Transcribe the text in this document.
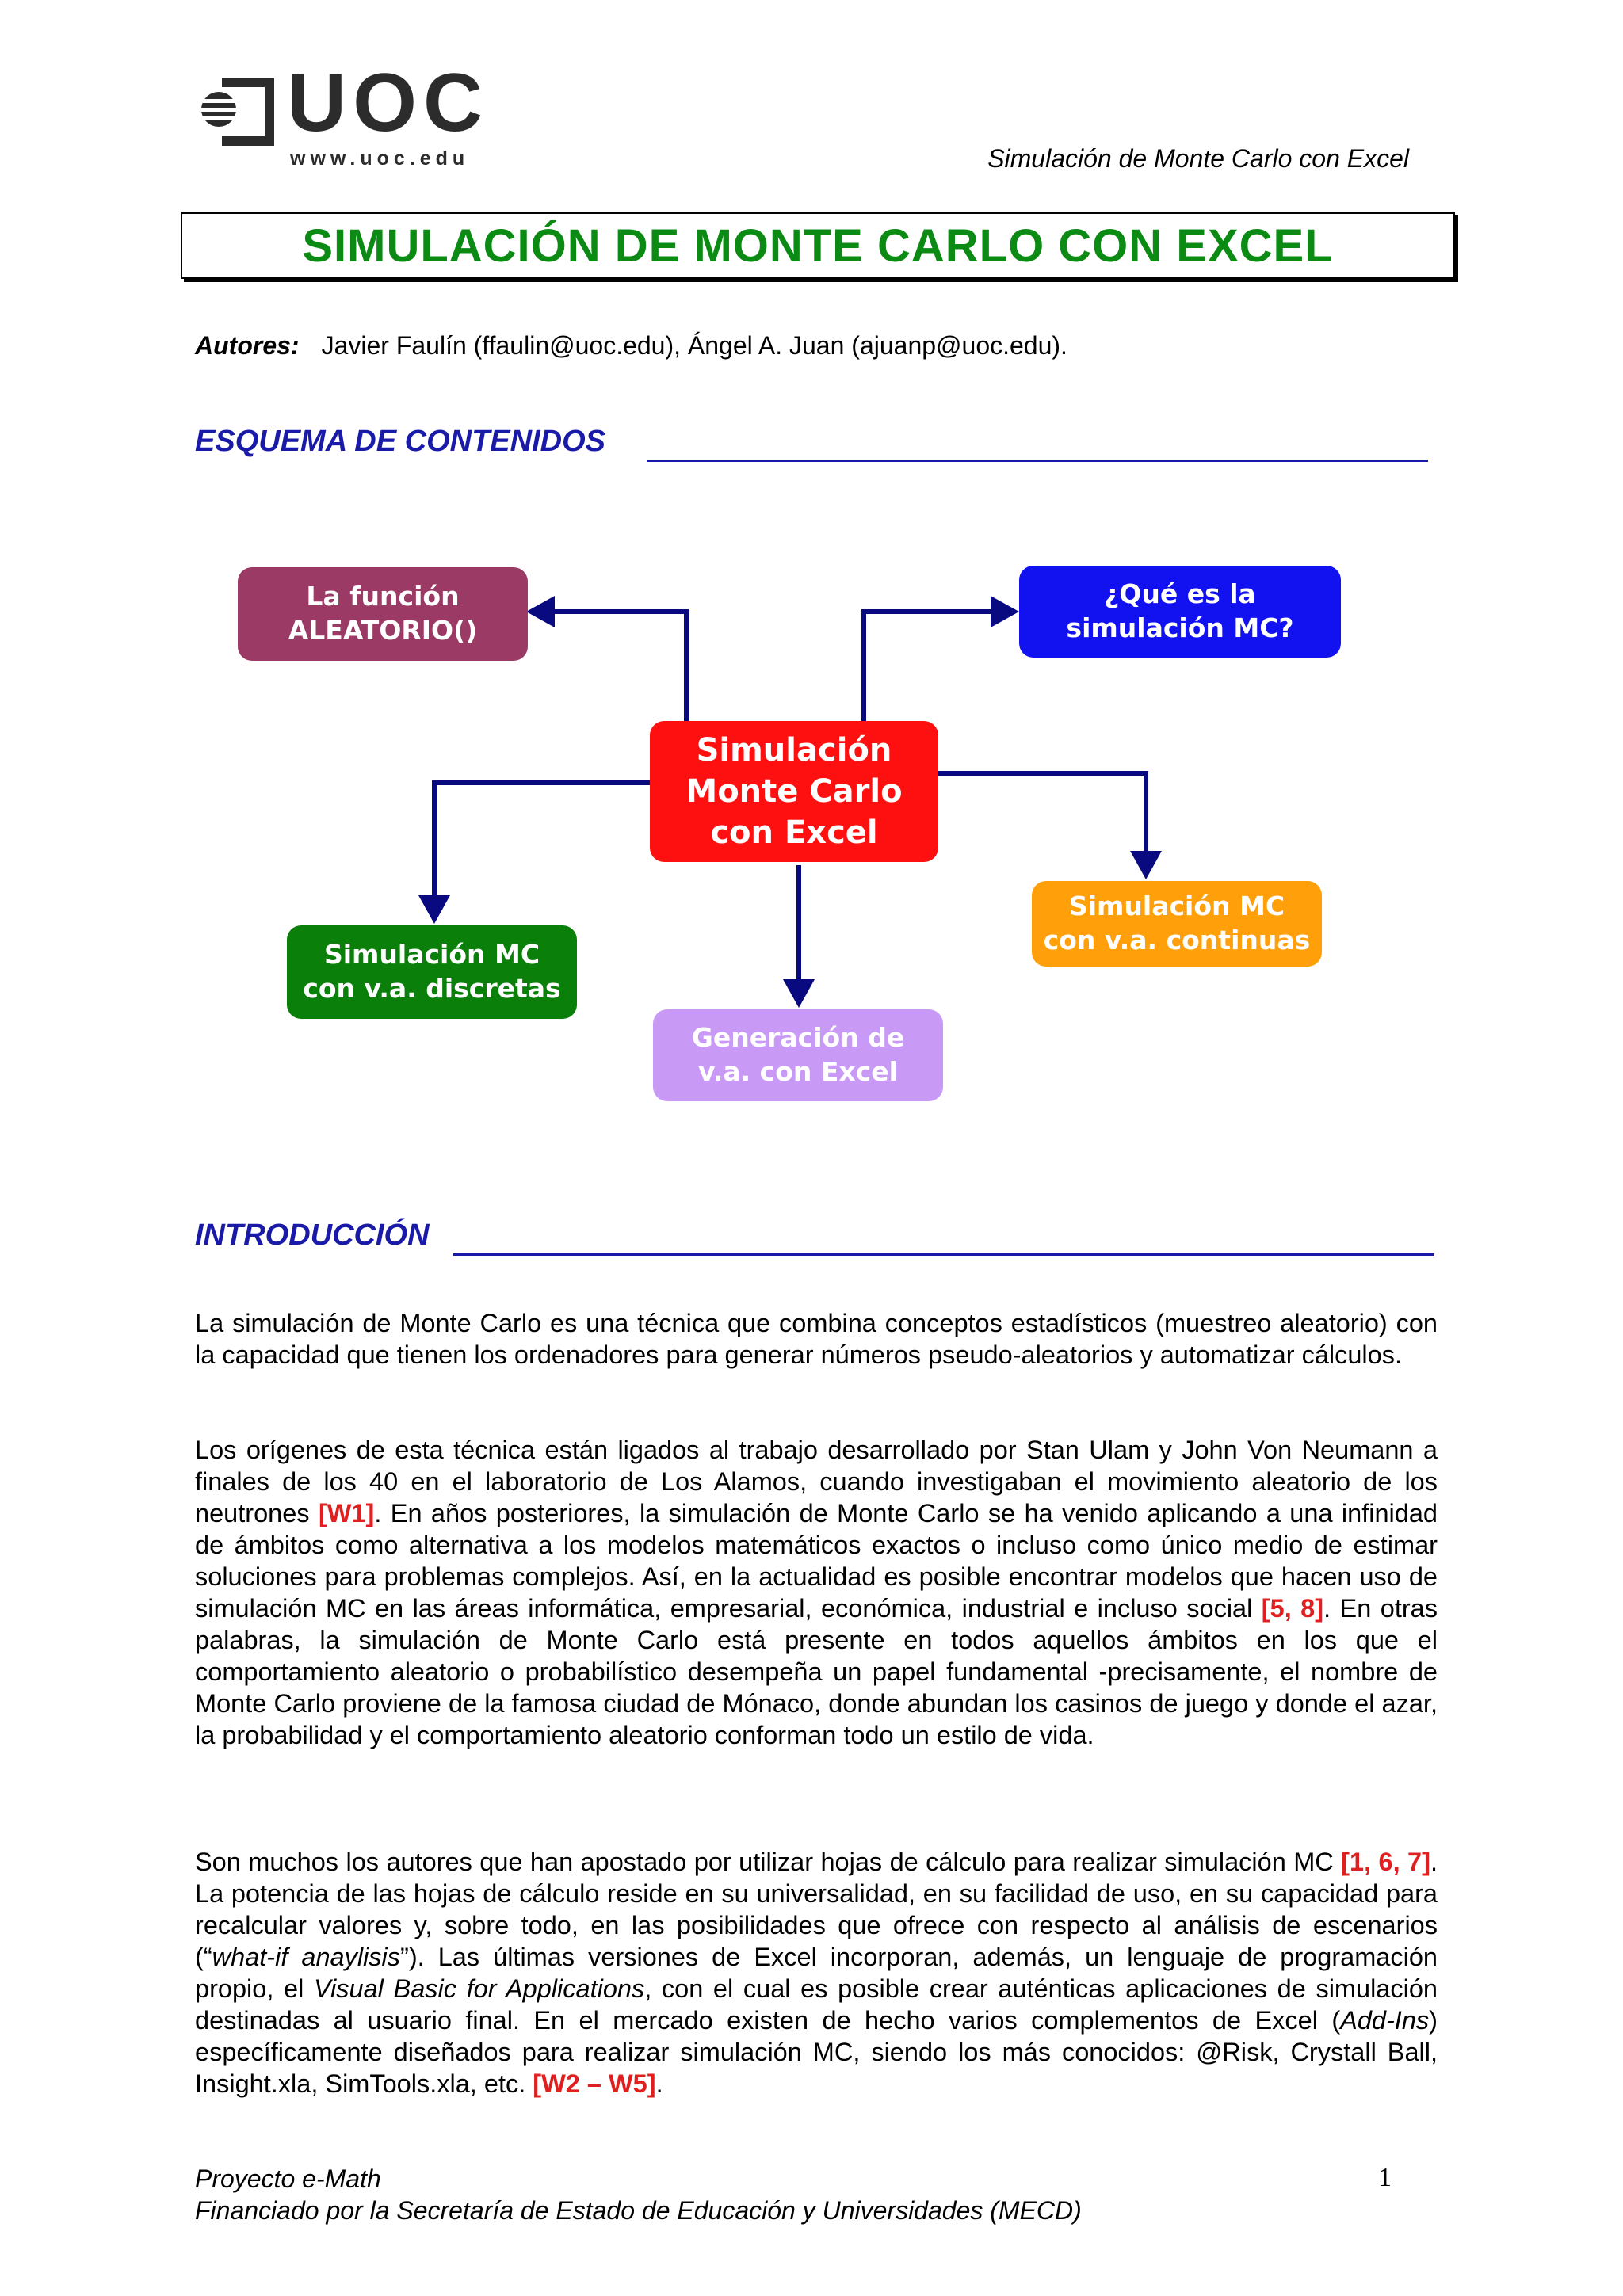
UOC
www.uoc.edu	Simulación de Monte Carlo con Excel
SIMULACIÓN DE MONTE CARLO CON EXCEL
Autores: Javier Faulín (ffaulin@uoc.edu), Ángel A. Juan (ajuanp@uoc.edu).
ESQUEMA DE CONTENIDOS
La función
ALEATORIO()
¿Qué es la
simulación MC?
Simulación
Monte Carlo
con Excel
Simulación MC
con v.a. discretas
Simulación MC
con v.a. continuas
Generación de
v.a. con Excel
INTRODUCCIÓN
La simulación de Monte Carlo es una técnica que combina conceptos estadísticos (muestreo aleatorio) con la capacidad que tienen los ordenadores para generar números pseudo-aleatorios y automatizar cálculos.
Los orígenes de esta técnica están ligados al trabajo desarrollado por Stan Ulam y John Von Neumann a finales de los 40 en el laboratorio de Los Alamos, cuando investigaban el movimiento aleatorio de los neutrones [W1]. En años posteriores, la simulación de Monte Carlo se ha venido aplicando a una infinidad de ámbitos como alternativa a los modelos matemáticos exactos o incluso como único medio de estimar soluciones para problemas complejos. Así, en la actualidad es posible encontrar modelos que hacen uso de simulación MC en las áreas informática, empresarial, económica, industrial e incluso social [5, 8]. En otras palabras, la simulación de Monte Carlo está presente en todos aquellos ámbitos en los que el comportamiento aleatorio o probabilístico desempeña un papel fundamental -precisamente, el nombre de Monte Carlo proviene de la famosa ciudad de Mónaco, donde abundan los casinos de juego y donde el azar, la probabilidad y el comportamiento aleatorio conforman todo un estilo de vida.
Son muchos los autores que han apostado por utilizar hojas de cálculo para realizar simulación MC [1, 6, 7]. La potencia de las hojas de cálculo reside en su universalidad, en su facilidad de uso, en su capacidad para recalcular valores y, sobre todo, en las posibilidades que ofrece con respecto al análisis de escenarios (“what-if anaylisis”). Las últimas versiones de Excel incorporan, además, un lenguaje de programación propio, el Visual Basic for Applications, con el cual es posible crear auténticas aplicaciones de simulación destinadas al usuario final. En el mercado existen de hecho varios complementos de Excel (Add-Ins) específicamente diseñados para realizar simulación MC, siendo los más conocidos: @Risk, Crystall Ball, Insight.xla, SimTools.xla, etc. [W2 – W5].
Proyecto e-Math
Financiado por la Secretaría de Estado de Educación y Universidades (MECD)
1
